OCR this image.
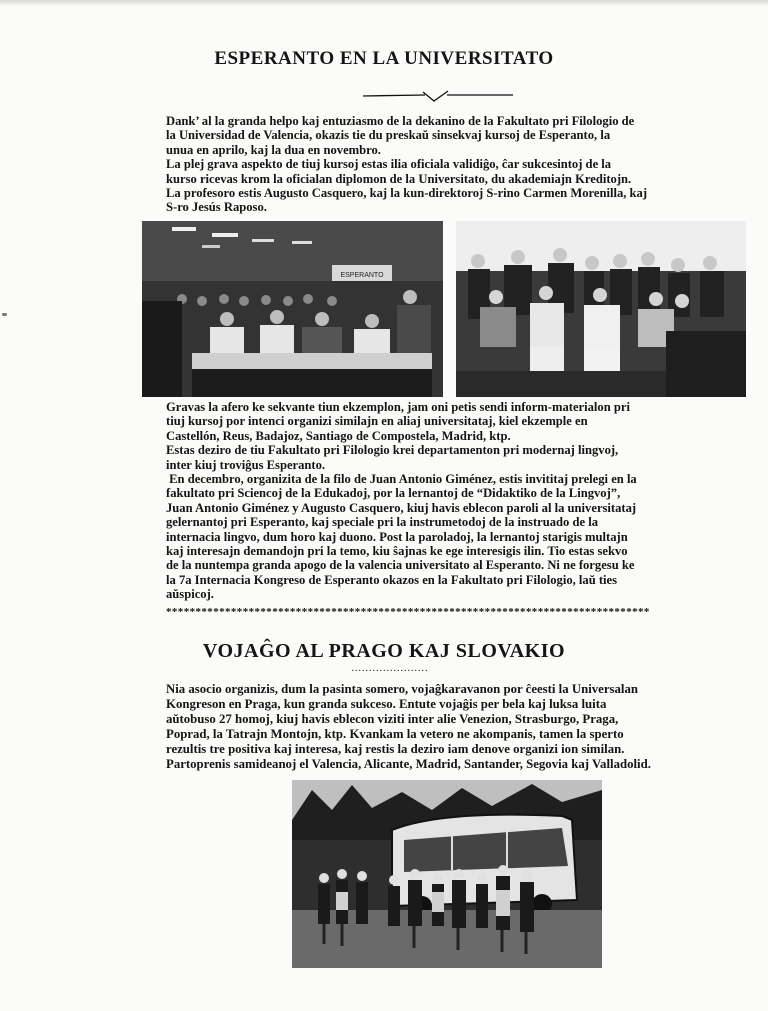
ESPERANTO EN LA UNIVERSITATO
Dank’ al la granda helpo kaj entuziasmo de la dekanino de la Fakultato pri Filologio de
la Universidad de Valencia, okazis tie du preskaŭ sinsekvaj kursoj de Esperanto, la
unua en aprilo, kaj la dua en novembro.
La plej grava aspekto de tiuj kursoj estas ilia oficiala validiĝo, ĉar sukcesintoj de la
kurso ricevas krom la oficialan diplomon de la Universitato, du akademiajn Kreditojn.
La profesoro estis Augusto Casquero, kaj la kun-direktoroj S-rino Carmen Morenilla, kaj
S-ro Jesús Raposo.
ESPERANTO
Gravas la afero ke sekvante tiun ekzemplon, jam oni petis sendi inform-materialon pri
tiuj kursoj por intenci organizi similajn en aliaj universitataj, kiel ekzemple en
Castellón, Reus, Badajoz, Santiago de Compostela, Madrid, ktp.
Estas deziro de tiu Fakultato pri Filologio krei departamenton pri modernaj lingvoj,
inter kiuj troviĝus Esperanto.
En decembro, organizita de la filo de Juan Antonio Giménez, estis invititaj prelegi en la
fakultato pri Sciencoj de la Edukadoj, por la lernantoj de “Didaktiko de la Lingvoj”,
Juan Antonio Giménez y Augusto Casquero, kiuj havis eblecon paroli al la universitataj
gelernantoj pri Esperanto, kaj speciale pri la instrumetodoj de la instruado de la
internacia lingvo, dum horo kaj duono. Post la paroladoj, la lernantoj starigis multajn
kaj interesajn demandojn pri la temo, kiu ŝajnas ke ege interesigis ilin. Tio estas sekvo
de la nuntempa granda apogo de la valencia universitato al Esperanto. Ni ne forgesu ke
la 7a Internacia Kongreso de Esperanto okazos en la Fakultato pri Filologio, laŭ ties
aŭspicoj.
**********************************************************************************
VOJAĜO AL PRAGO KAJ SLOVAKIO
......................
Nia asocio organizis, dum la pasinta somero, vojaĝkaravanon por ĉeesti la Universalan
Kongreson en Praga, kun granda sukceso. Entute vojaĝis per bela kaj luksa luita
aŭtobuso 27 homoj, kiuj havis eblecon viziti inter alie Venezion, Strasburgo, Praga,
Poprad, la Tatrajn Montojn, ktp. Kvankam la vetero ne akompanis, tamen la sperto
rezultis tre positiva kaj interesa, kaj restis la deziro iam denove organizi ion similan.
Partoprenis samideanoj el Valencia, Alicante, Madrid, Santander, Segovia kaj Valladolid.
